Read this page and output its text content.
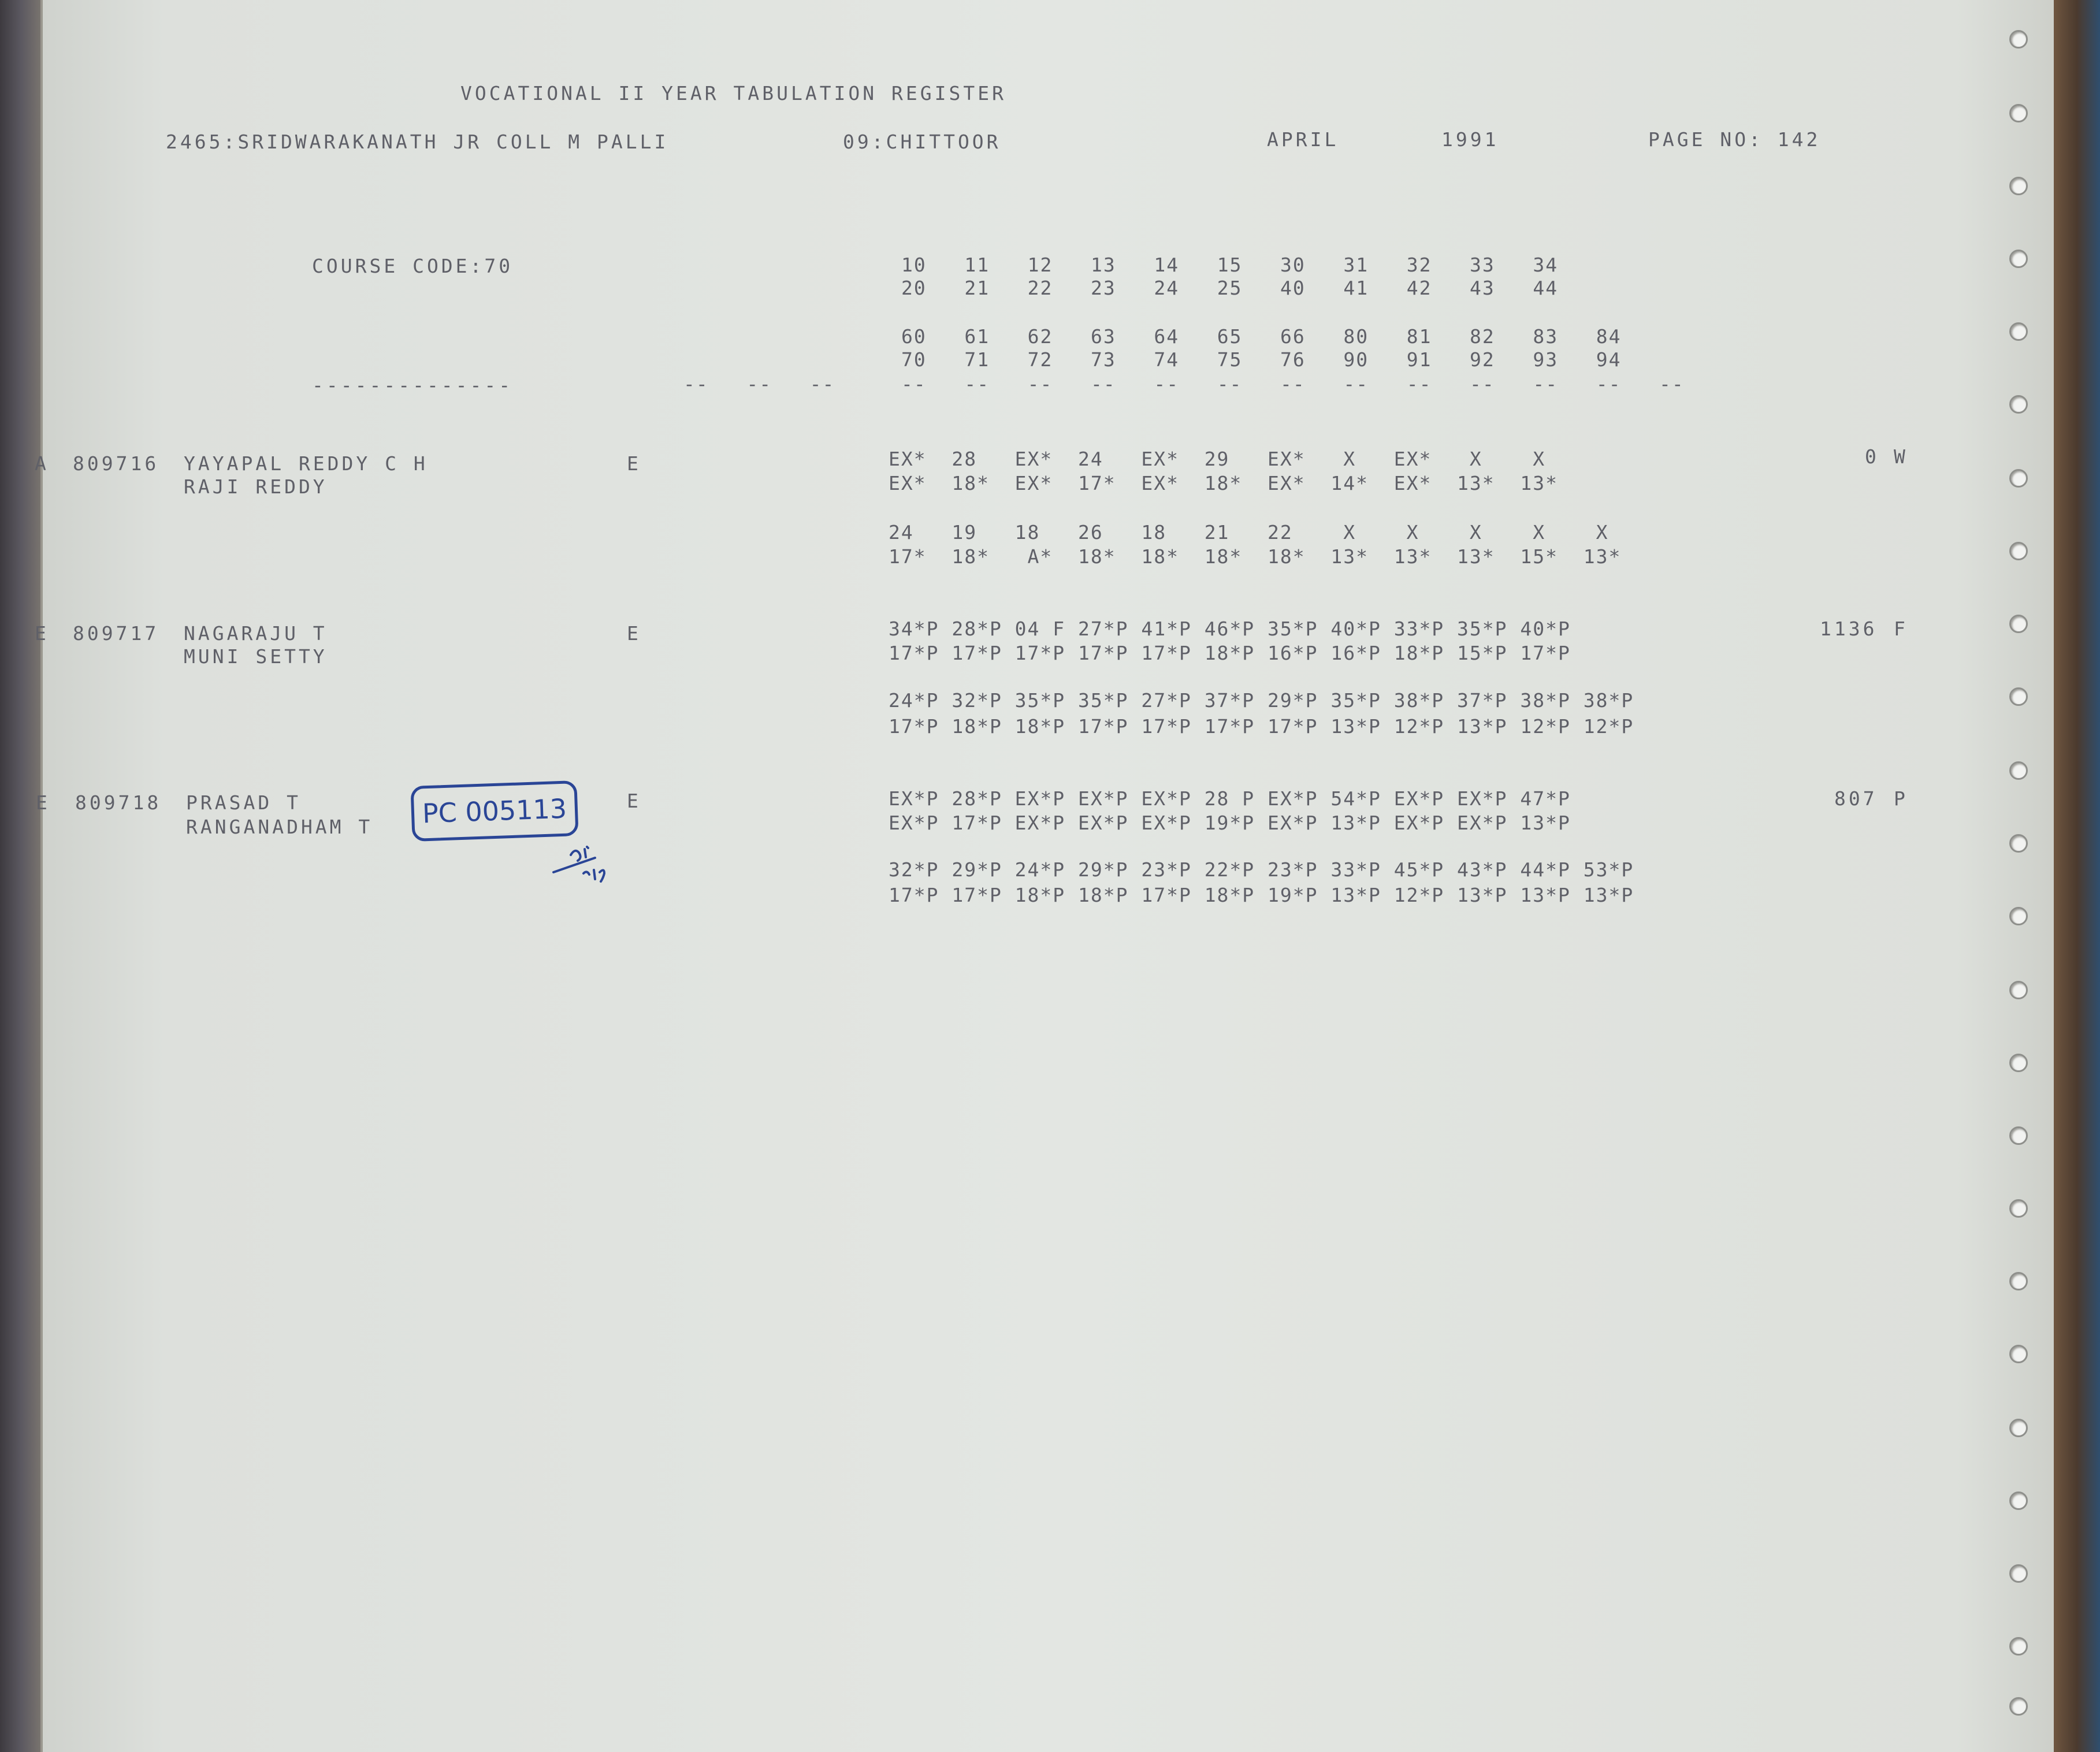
VOCATIONAL II YEAR TABULATION REGISTER
2465:SRIDWARAKANATH JR COLL M PALLI	09:CHITTOOR	APRIL	1991	PAGE NO: 142
COURSE CODE:70	10   11   12   13   14   15   30   31   32   33   34
20   21   22   23   24   25   40   41   42   43   44
60   61   62   63   64   65   66   80   81   82   83   84
70   71   72   73   74   75   76   90   91   92   93   94
--------------	--   --   --	--   --   --   --   --   --   --   --   --   --   --   --   --
A 809716 YAYAPAL REDDY C H
RAJI REDDY
E	EX*  28   EX*  24   EX*  29   EX*   X   EX*   X    X
EX*  18*  EX*  17*  EX*  18*  EX*  14*  EX*  13*  13*
24   19   18   26   18   21   22    X    X    X    X    X
17*  18*   A*  18*  18*  18*  18*  13*  13*  13*  15*  13*
0 W
E 809717 NAGARAJU T
MUNI SETTY
E	34*P 28*P 04 F 27*P 41*P 46*P 35*P 40*P 33*P 35*P 40*P
17*P 17*P 17*P 17*P 17*P 18*P 16*P 16*P 18*P 15*P 17*P
24*P 32*P 35*P 35*P 27*P 37*P 29*P 35*P 38*P 37*P 38*P 38*P
17*P 18*P 18*P 17*P 17*P 17*P 17*P 13*P 12*P 13*P 12*P 12*P
1136 F
E 809718 PRASAD T
RANGANADHAM T
E	EX*P 28*P EX*P EX*P EX*P 28 P EX*P 54*P EX*P EX*P 47*P
EX*P 17*P EX*P EX*P EX*P 19*P EX*P 13*P EX*P EX*P 13*P
32*P 29*P 24*P 29*P 23*P 22*P 23*P 33*P 45*P 43*P 44*P 53*P
17*P 17*P 18*P 18*P 17*P 18*P 19*P 13*P 12*P 13*P 13*P 13*P
807 P
PC 005113
